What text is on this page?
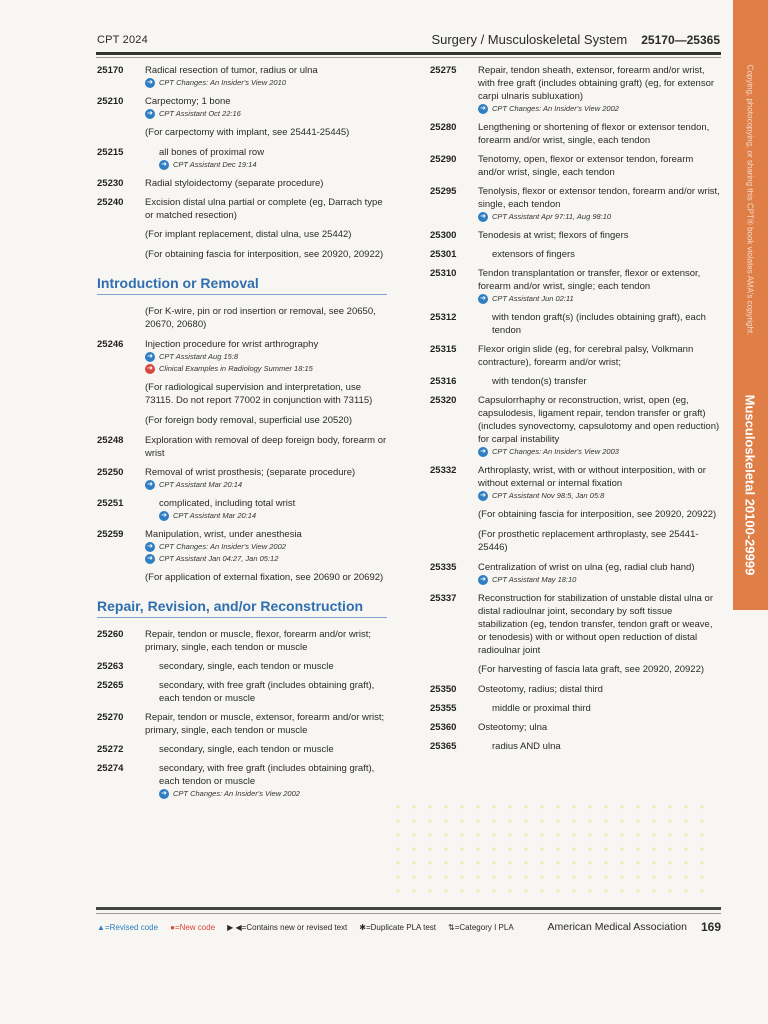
CPT 2024	Surgery / Musculoskeletal System 25170—25365
25170	Radical resection of tumor, radius or ulna
➜ CPT Changes: An Insider's View 2010
25210	Carpectomy; 1 bone
➜ CPT Assistant Oct 22:16
(For carpectomy with implant, see 25441-25445)
25215	all bones of proximal row
➜ CPT Assistant Dec 19:14
25230	Radial styloidectomy (separate procedure)
25240	Excision distal ulna partial or complete (eg, Darrach type or matched resection)
(For implant replacement, distal ulna, use 25442)
(For obtaining fascia for interposition, see 20920, 20922)
Introduction or Removal
(For K-wire, pin or rod insertion or removal, see 20650, 20670, 20680)
25246	Injection procedure for wrist arthrography
➜ CPT Assistant Aug 15:8
➜ Clinical Examples in Radiology Summer 18:15
(For radiological supervision and interpretation, use 73115. Do not report 77002 in conjunction with 73115)
(For foreign body removal, superficial use 20520)
25248	Exploration with removal of deep foreign body, forearm or wrist
25250	Removal of wrist prosthesis; (separate procedure)
➜ CPT Assistant Mar 20:14
25251	complicated, including total wrist
➜ CPT Assistant Mar 20:14
25259	Manipulation, wrist, under anesthesia
➜ CPT Changes: An Insider's View 2002
➜ CPT Assistant Jan 04:27, Jan 05:12
(For application of external fixation, see 20690 or 20692)
Repair, Revision, and/or Reconstruction
25260	Repair, tendon or muscle, flexor, forearm and/or wrist; primary, single, each tendon or muscle
25263	secondary, single, each tendon or muscle
25265	secondary, with free graft (includes obtaining graft), each tendon or muscle
25270	Repair, tendon or muscle, extensor, forearm and/or wrist; primary, single, each tendon or muscle
25272	secondary, single, each tendon or muscle
25274	secondary, with free graft (includes obtaining graft), each tendon or muscle
➜ CPT Changes: An Insider's View 2002
25275	Repair, tendon sheath, extensor, forearm and/or wrist, with free graft (includes obtaining graft) (eg, for extensor carpi ulnaris subluxation)
➜ CPT Changes: An Insider's View 2002
25280	Lengthening or shortening of flexor or extensor tendon, forearm and/or wrist, single, each tendon
25290	Tenotomy, open, flexor or extensor tendon, forearm and/or wrist, single, each tendon
25295	Tenolysis, flexor or extensor tendon, forearm and/or wrist, single, each tendon
➜ CPT Assistant Apr 97:11, Aug 98:10
25300	Tenodesis at wrist; flexors of fingers
25301	extensors of fingers
25310	Tendon transplantation or transfer, flexor or extensor, forearm and/or wrist, single; each tendon
➜ CPT Assistant Jun 02:11
25312	with tendon graft(s) (includes obtaining graft), each tendon
25315	Flexor origin slide (eg, for cerebral palsy, Volkmann contracture), forearm and/or wrist;
25316	with tendon(s) transfer
25320	Capsulorrhaphy or reconstruction, wrist, open (eg, capsulodesis, ligament repair, tendon transfer or graft) (includes synovectomy, capsulotomy and open reduction) for carpal instability
➜ CPT Changes: An Insider's View 2003
25332	Arthroplasty, wrist, with or without interposition, with or without external or internal fixation
➜ CPT Assistant Nov 98:5, Jan 05:8
(For obtaining fascia for interposition, see 20920, 20922)
(For prosthetic replacement arthroplasty, see 25441-25446)
25335	Centralization of wrist on ulna (eg, radial club hand)
➜ CPT Assistant May 18:10
25337	Reconstruction for stabilization of unstable distal ulna or distal radioulnar joint, secondary by soft tissue stabilization (eg, tendon transfer, tendon graft or weave, or tenodesis) with or without open reduction of distal radioulnar joint
(For harvesting of fascia lata graft, see 20920, 20922)
25350	Osteotomy, radius; distal third
25355	middle or proximal third
25360	Osteotomy; ulna
25365	radius AND ulna
Copying, photocopying, or sharing this CPT® book violates AMA's copyright.
Musculoskeletal 20100-29999
▲=Revised code ●=New code ▶ ◀=Contains new or revised text ✱=Duplicate PLA test ⇅=Category I PLA	American Medical Association 169
